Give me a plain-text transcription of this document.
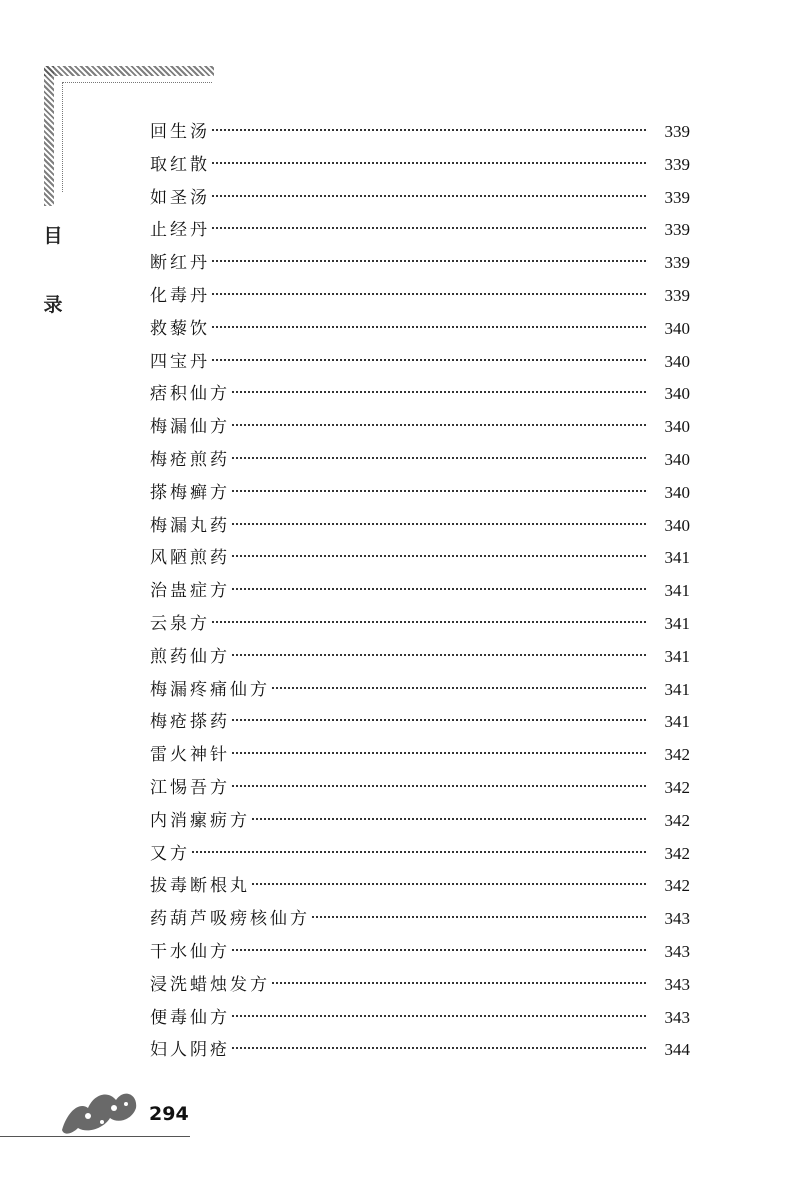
目
录
回生汤	339
取红散	339
如圣汤	339
止经丹	339
断红丹	339
化毒丹	339
救藜饮	340
四宝丹	340
痞积仙方	340
梅漏仙方	340
梅疮煎药	340
搽梅癣方	340
梅漏丸药	340
风陋煎药	341
治蛊症方	341
云泉方	341
煎药仙方	341
梅漏疼痛仙方	341
梅疮搽药	341
雷火神针	342
江惕吾方	342
内消瘰疬方	342
又方	342
拔毒断根丸	342
药葫芦吸痨核仙方	343
干水仙方	343
浸洗蜡烛发方	343
便毒仙方	343
妇人阴疮	344
294
